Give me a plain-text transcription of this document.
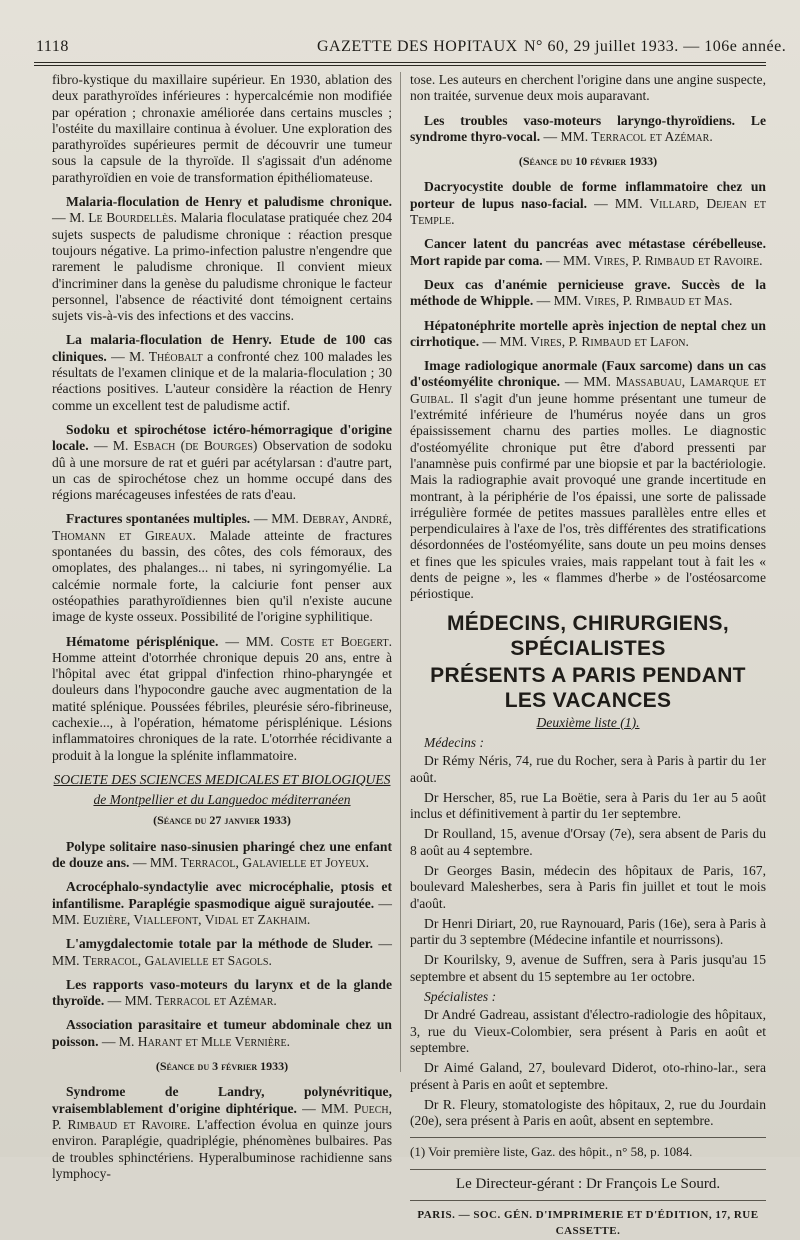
1118	GAZETTE DES HOPITAUX N° 60, 29 juillet 1933. — 106e année.

fibro-kystique du maxillaire supérieur. En 1930, ablation des deux parathyroïdes inférieures : hypercalcémie non modifiée par opération ; chronaxie améliorée dans certains muscles ; l'ostéite du maxillaire continua à évoluer. Une exploration des parathyroïdes supérieures permit de découvrir une tumeur sous la capsule de la thyroïde. Il s'agissait d'un adénome parathyroïdien en voie de transformation épithéliomateuse.

Malaria-floculation de Henry et paludisme chronique. — M. Le Bourdellès. Malaria floculatase pratiquée chez 204 sujets suspects de paludisme chronique : réaction presque toujours négative. La primo-infection palustre n'engendre que rarement le paludisme chronique. Il convient mieux d'incriminer dans la genèse du paludisme chronique le facteur personnel, l'absence de réactivité dont témoignent certains sujets vis-à-vis des infections et des vaccins.

La malaria-floculation de Henry. Etude de 100 cas cliniques. — M. Théobalt a confronté chez 100 malades les résultats de l'examen clinique et de la malaria-floculation ; 30 réactions positives. L'auteur considère la réaction de Henry comme un excellent test de paludisme actif.

Sodoku et spirochétose ictéro-hémorragique d'origine locale. — M. Esbach (de Bourges) Observation de sodoku dû à une morsure de rat et guéri par acétylarsan : d'autre part, un cas de spirochétose chez un homme occupé dans des régions marécageuses infestées de rats d'eau.

Fractures spontanées multiples. — MM. Debray, André, Thomann et Gireaux. Malade atteinte de fractures spontanées du bassin, des côtes, des cols fémoraux, des omoplates, des phalanges... ni tabes, ni syringomyélie. La calcémie normale forte, la calciurie font penser aux ostéopathies parathyroïdiennes bien qu'il n'existe aucune image de kyste osseux. Possibilité de l'origine syphilitique.

Hématome périsplénique. — MM. Coste et Boegert. Homme atteint d'otorrhée chronique depuis 20 ans, entre à l'hôpital avec état grippal d'infection rhino-pharyngée et douleurs dans l'hypocondre gauche avec augmentation de la matité splénique. Poussées fébriles, pleurésie séro-fibrineuse, cachexie..., à l'opération, hématome périsplénique. Lésions inflammatoires chroniques de la rate. L'otorrhée récidivante a produit à la longue la splénite inflammatoire.

SOCIETE DES SCIENCES MEDICALES ET BIOLOGIQUES

de Montpellier et du Languedoc méditerranéen

(Séance du 27 janvier 1933)

Polype solitaire naso-sinusien pharingé chez une enfant de douze ans. — MM. Terracol, Galavielle et Joyeux.

Acrocéphalo-syndactylie avec microcéphalie, ptosis et infantilisme. Paraplégie spasmodique aiguë surajoutée. — MM. Euzière, Viallefont, Vidal et Zakhaim.

L'amygdalectomie totale par la méthode de Sluder. — MM. Terracol, Galavielle et Sagols.

Les rapports vaso-moteurs du larynx et de la glande thyroïde. — MM. Terracol et Azémar.

Association parasitaire et tumeur abdominale chez un poisson. — M. Harant et Mlle Vernière.

(Séance du 3 février 1933)

Syndrome de Landry, polynévritique, vraisemblablement d'origine diphtérique. — MM. Puech, P. Rimbaud et Ravoire. L'affection évolua en quinze jours environ. Paraplégie, quadriplégie, phénomènes bulbaires. Pas de troubles sphinctériens. Hyperalbuminose rachidienne sans lymphocy-

tose. Les auteurs en cherchent l'origine dans une angine suspecte, non traitée, survenue deux mois auparavant.

Les troubles vaso-moteurs laryngo-thyroïdiens. Le syndrome thyro-vocal. — MM. Terracol et Azémar.

(Séance du 10 février 1933)

Dacryocystite double de forme inflammatoire chez un porteur de lupus naso-facial. — MM. Villard, Dejean et Temple.

Cancer latent du pancréas avec métastase cérébelleuse. Mort rapide par coma. — MM. Vires, P. Rimbaud et Ravoire.

Deux cas d'anémie pernicieuse grave. Succès de la méthode de Whipple. — MM. Vires, P. Rimbaud et Mas.

Hépatonéphrite mortelle après injection de neptal chez un cirrhotique. — MM. Vires, P. Rimbaud et Lafon.

Image radiologique anormale (Faux sarcome) dans un cas d'ostéomyélite chronique. — MM. Massabuau, Lamarque et Guibal. Il s'agit d'un jeune homme présentant une tumeur de l'extrémité inférieure de l'humérus noyée dans un gros épaississement charnu des parties molles. Le diagnostic d'ostéomyélite chronique put être d'abord pressenti par l'anamnèse puis confirmé par une biopsie et par la bactériologie. Mais la radiographie avait provoqué une grande incertitude en montrant, à la périphérie de l'os épaissi, une sorte de palissade irrégulière formée de petites massues parallèles entre elles et perpendiculaires à l'axe de l'os, très différentes des stratifications désordonnées de l'ostéomyélite, sans doute un peu moins denses et fines que les spicules vraies, mais rappelant tout à fait les « dents de peigne », les « flammes d'herbe » de l'ostéosarcome périostique.

MÉDECINS, CHIRURGIENS, SPÉCIALISTES

PRÉSENTS A PARIS PENDANT LES VACANCES

Deuxième liste (1).

Médecins :

Dr Rémy Néris, 74, rue du Rocher, sera à Paris à partir du 1er août.

Dr Herscher, 85, rue La Boëtie, sera à Paris du 1er au 5 août inclus et définitivement à partir du 1er septembre.

Dr Roulland, 15, avenue d'Orsay (7e), sera absent de Paris du 8 août au 4 septembre.

Dr Georges Basin, médecin des hôpitaux de Paris, 167, boulevard Malesherbes, sera à Paris fin juillet et tout le mois d'août.

Dr Henri Diriart, 20, rue Raynouard, Paris (16e), sera à Paris à partir du 3 septembre (Médecine infantile et nourrissons).

Dr Kourilsky, 9, avenue de Suffren, sera à Paris jusqu'au 15 septembre et absent du 15 septembre au 1er octobre.

Spécialistes :

Dr André Gadreau, assistant d'électro-radiologie des hôpitaux, 3, rue du Vieux-Colombier, sera présent à Paris en août et septembre.

Dr Aimé Galand, 27, boulevard Diderot, oto-rhino-lar., sera présent à Paris en août et septembre.

Dr R. Fleury, stomatologiste des hôpitaux, 2, rue du Jourdain (20e), sera présent à Paris en août, absent en septembre.

(1) Voir première liste, Gaz. des hôpit., n° 58, p. 1084.

Le Directeur-gérant : Dr François Le Sourd.

PARIS. — SOC. GÉN. D'IMPRIMERIE ET D'ÉDITION, 17, RUE CASSETTE.
